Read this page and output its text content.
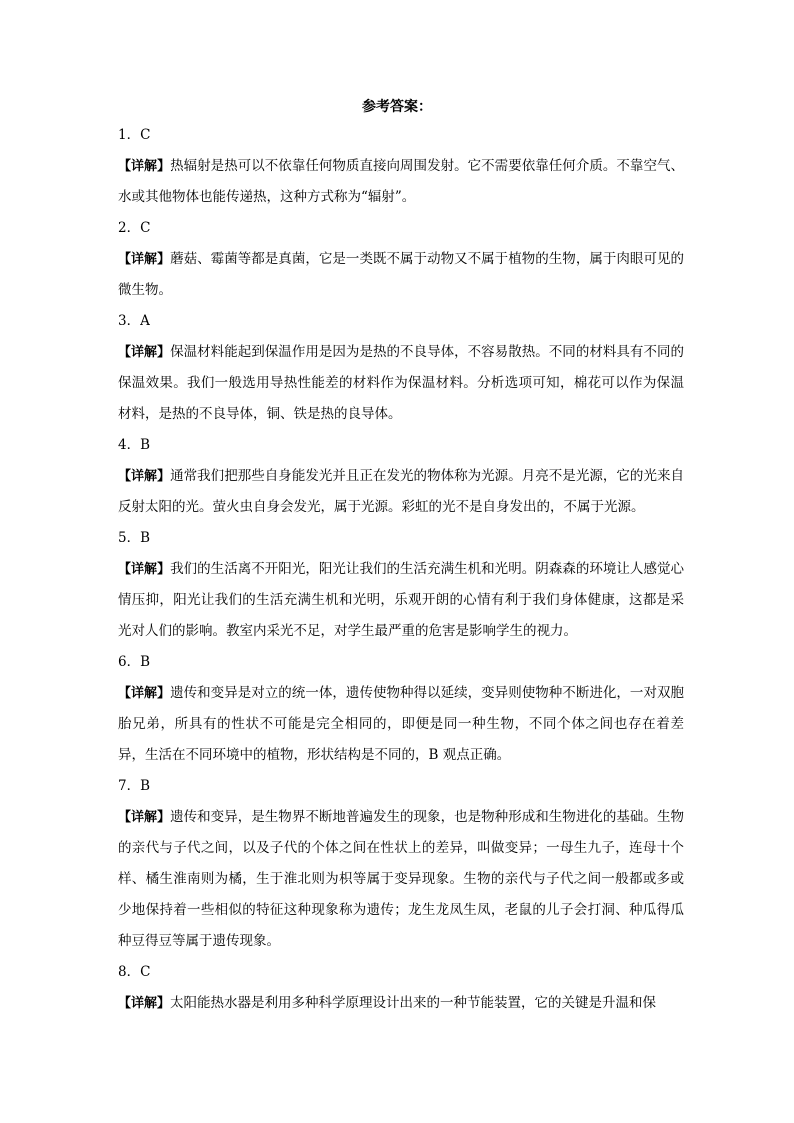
参考答案：
1．C
【详解】热辐射是热可以不依靠任何物质直接向周围发射。它不需要依靠任何介质。不靠空气、水或其他物体也能传递热，这种方式称为“辐射”。
2．C
【详解】蘑菇、霉菌等都是真菌，它是一类既不属于动物又不属于植物的生物，属于肉眼可见的微生物。
3．A
【详解】保温材料能起到保温作用是因为是热的不良导体，不容易散热。不同的材料具有不同的保温效果。我们一般选用导热性能差的材料作为保温材料。分析选项可知，棉花可以作为保温材料，是热的不良导体，铜、铁是热的良导体。
4．B
【详解】通常我们把那些自身能发光并且正在发光的物体称为光源。月亮不是光源，它的光来自反射太阳的光。萤火虫自身会发光，属于光源。彩虹的光不是自身发出的，不属于光源。
5．B
【详解】我们的生活离不开阳光，阳光让我们的生活充满生机和光明。阴森森的环境让人感觉心情压抑，阳光让我们的生活充满生机和光明，乐观开朗的心情有利于我们身体健康，这都是采光对人们的影响。教室内采光不足，对学生最严重的危害是影响学生的视力。
6．B
【详解】遗传和变异是对立的统一体，遗传使物种得以延续，变异则使物种不断进化，一对双胞胎兄弟，所具有的性状不可能是完全相同的，即便是同一种生物，不同个体之间也存在着差异，生活在不同环境中的植物，形状结构是不同的，B 观点正确。
7．B
【详解】遗传和变异，是生物界不断地普遍发生的现象，也是物种形成和生物进化的基础。生物的亲代与子代之间，以及子代的个体之间在性状上的差异，叫做变异；一母生九子，连母十个样、橘生淮南则为橘，生于淮北则为枳等属于变异现象。生物的亲代与子代之间一般都或多或少地保持着一些相似的特征这种现象称为遗传；龙生龙凤生凤，老鼠的儿子会打洞、种瓜得瓜种豆得豆等属于遗传现象。
8．C
【详解】太阳能热水器是利用多种科学原理设计出来的一种节能装置，它的关键是升温和保
